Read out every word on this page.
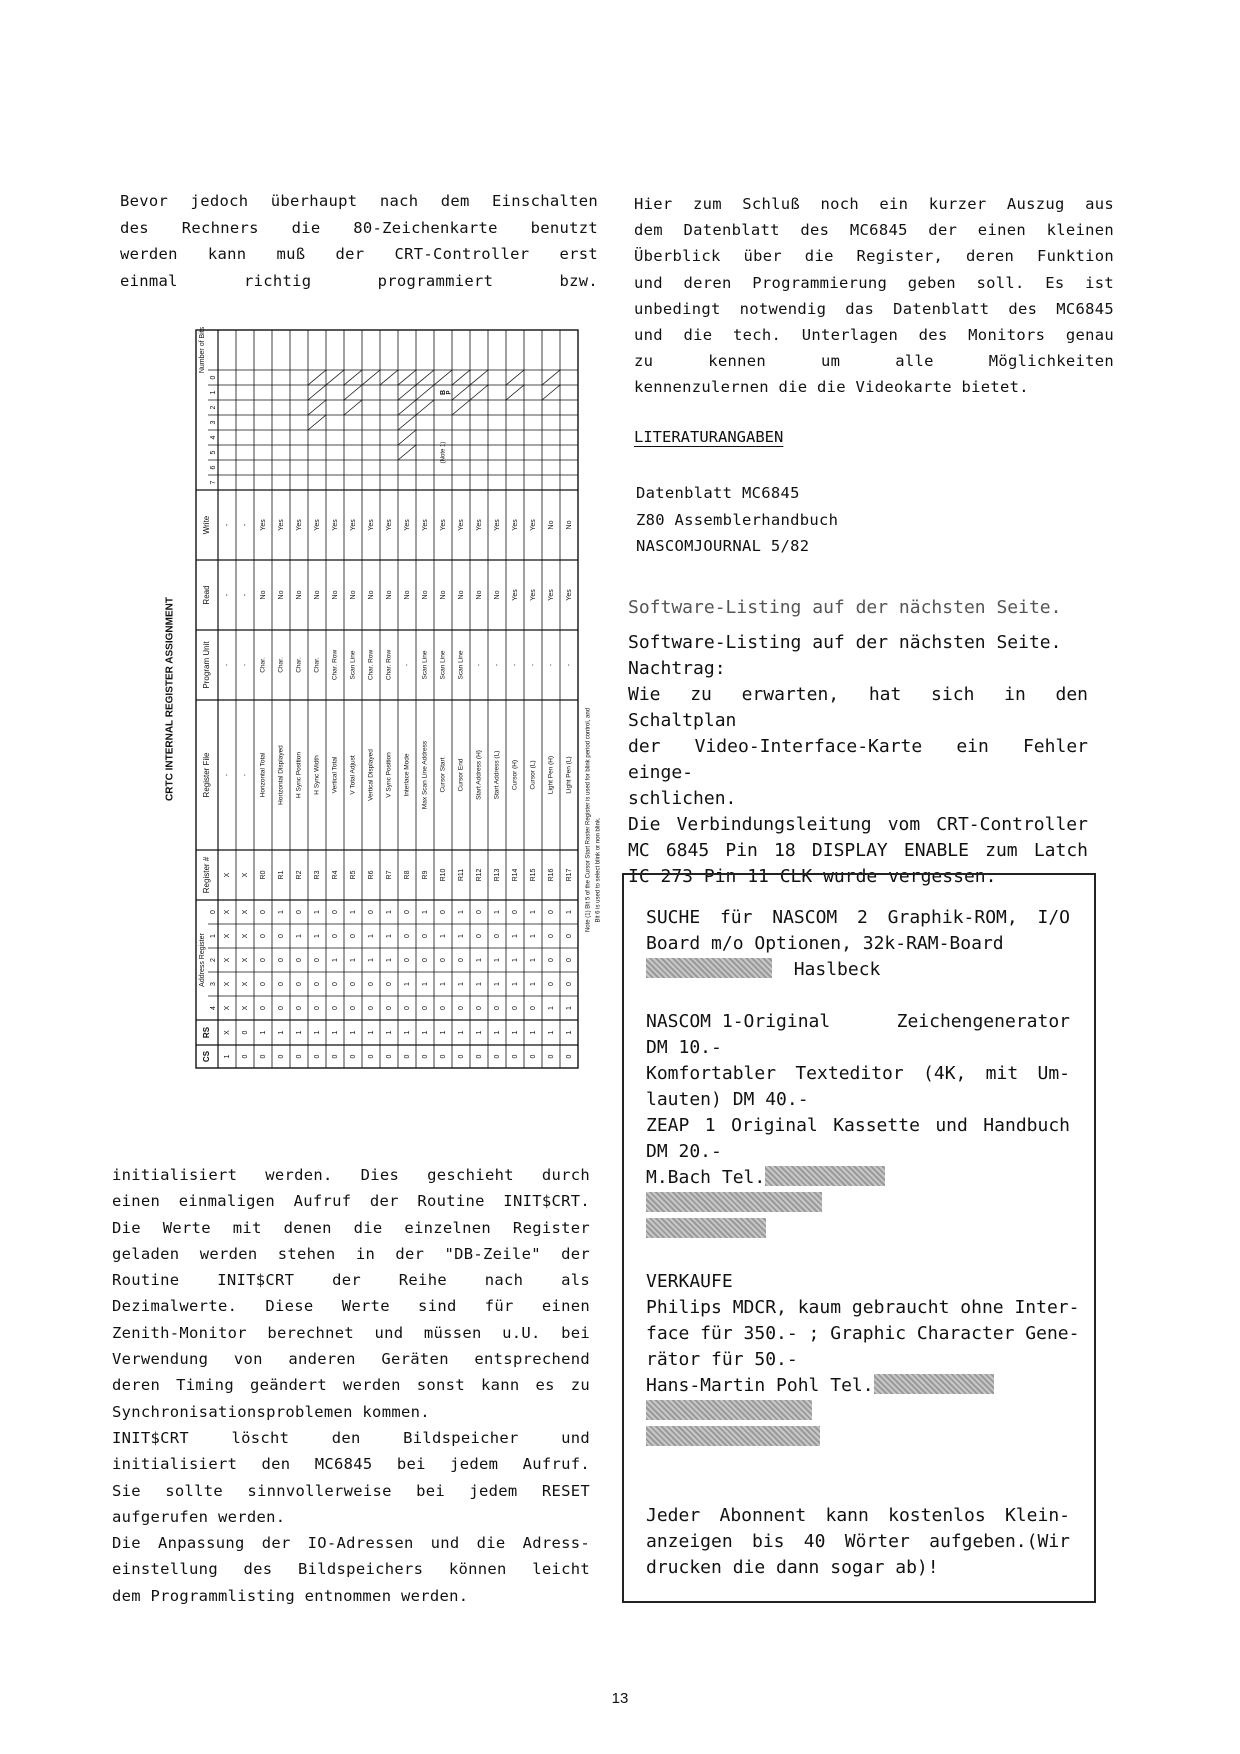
Bevor jedoch überhaupt nach dem Einschalten

des Rechners die 80-Zeichenkarte benutzt

werden kann muß der CRT-Controller erst

einmal richtig programmiert bzw.

CRTC INTERNAL REGISTER ASSIGNMENT
Number of Bits
0
1
2
3
4
5
6
7
Write
Read
Program Unit
Register File
Register #
Address Register
0
1
2
3
4
RS
CS
-
-
-
-
X
X
X
X
X
X
X
1
-
-
-
-
X
X
X
X
X
X
0
0
Yes
No
Char.
Horizontal Total
R0
0
0
0
0
0
1
0
Yes
No
Char.
Horizontal Displayed
R1
1
0
0
0
0
1
0
Yes
No
Char.
H Sync Position
R2
0
1
0
0
0
1
0
Yes
No
Char.
H Sync Width
R3
1
1
0
0
0
1
0
Yes
No
Char. Row
Vertical Total
R4
0
0
1
0
0
1
0
Yes
No
Scan Line
V Total Adjust
R5
1
0
1
0
0
1
0
Yes
No
Char. Row
Vertical Displayed
R6
0
1
1
0
0
1
0
Yes
No
Char. Row
V Sync Position
R7
1
1
1
0
0
1
0
Yes
No
-
Interlace Mode
R8
0
0
0
1
0
1
0
Yes
No
Scan Line
Max Scan Line Address
R9
1
0
0
1
0
1
0
Yes
No
Scan Line
Cursor Start
R10
0
1
0
1
0
1
0
Yes
No
Scan Line
Cursor End
R11
1
1
0
1
0
1
0
Yes
No
-
Start Address (H)
R12
0
0
1
1
0
1
0
Yes
No
-
Start Address (L)
R13
1
0
1
1
0
1
0
Yes
Yes
-
Cursor (H)
R14
0
1
1
1
0
1
0
Yes
Yes
-
Cursor (L)
R15
1
1
1
1
0
1
0
No
Yes
-
Light Pen (H)
R16
0
0
0
0
1
1
0
No
Yes
-
Light Pen (L)
R17
1
0
0
0
1
1
0
B P
(Note 1)
Note (1) Bit 5 of the Cursor Start Raster Register is used for blink period control, and Bit 6 is used to select blink or non blink.

initialisiert werden. Dies geschieht durch

einen einmaligen Aufruf der Routine INIT$CRT.

Die Werte mit denen die einzelnen Register

geladen werden stehen in der "DB-Zeile" der

Routine INIT$CRT der Reihe nach als

Dezimalwerte. Diese Werte sind für einen

Zenith-Monitor berechnet und müssen u.U. bei

Verwendung von anderen Geräten entsprechend

deren Timing geändert werden sonst kann es zu

Synchronisationsproblemen kommen.

INIT$CRT löscht den Bildspeicher und

initialisiert den MC6845 bei jedem Aufruf.

Sie sollte sinnvollerweise bei jedem RESET

aufgerufen werden.

Die Anpassung der IO-Adressen und die Adress-

einstellung des Bildspeichers können leicht

dem Programmlisting entnommen werden.

Hier zum Schluß noch ein kurzer Auszug aus

dem Datenblatt des MC6845 der einen kleinen

Überblick über die Register, deren Funktion

und deren Programmierung geben soll. Es ist

unbedingt notwendig das Datenblatt des MC6845

und die tech. Unterlagen des Monitors genau

zu kennen um alle Möglichkeiten

kennenzulernen die die Videokarte bietet.

LITERATURANGABEN
Datenblatt MC6845
Z80 Assemblerhandbuch
NASCOMJOURNAL 5/82
Software-Listing auf der nächsten Seite.

Software-Listing auf der nächsten Seite.

Nachtrag:

Wie zu erwarten, hat sich in den Schaltplan

der Video-Interface-Karte ein Fehler einge-

schlichen.

Die Verbindungsleitung vom CRT-Controller

MC 6845 Pin 18 DISPLAY ENABLE zum Latch

IC 273 Pin 11 CLK wurde vergessen.

SUCHE für NASCOM 2 Graphik-ROM, I/O
Board m/o Optionen, 32k-RAM-Board
Haslbeck
NASCOM 1-Original	Zeichengenerator
DM 10.-
Komfortabler Texteditor (4K, mit Um-
lauten) DM 40.-
ZEAP 1 Original Kassette und Handbuch
DM 20.-
M.Bach Tel.
VERKAUFE
Philips MDCR, kaum gebraucht ohne Inter-
face für 350.- ; Graphic Character Gene-
rätor für 50.-
Hans-Martin Pohl Tel.
Jeder Abonnent kann kostenlos Klein-
anzeigen bis 40 Wörter aufgeben.(Wir
drucken die dann sogar ab)!
13
